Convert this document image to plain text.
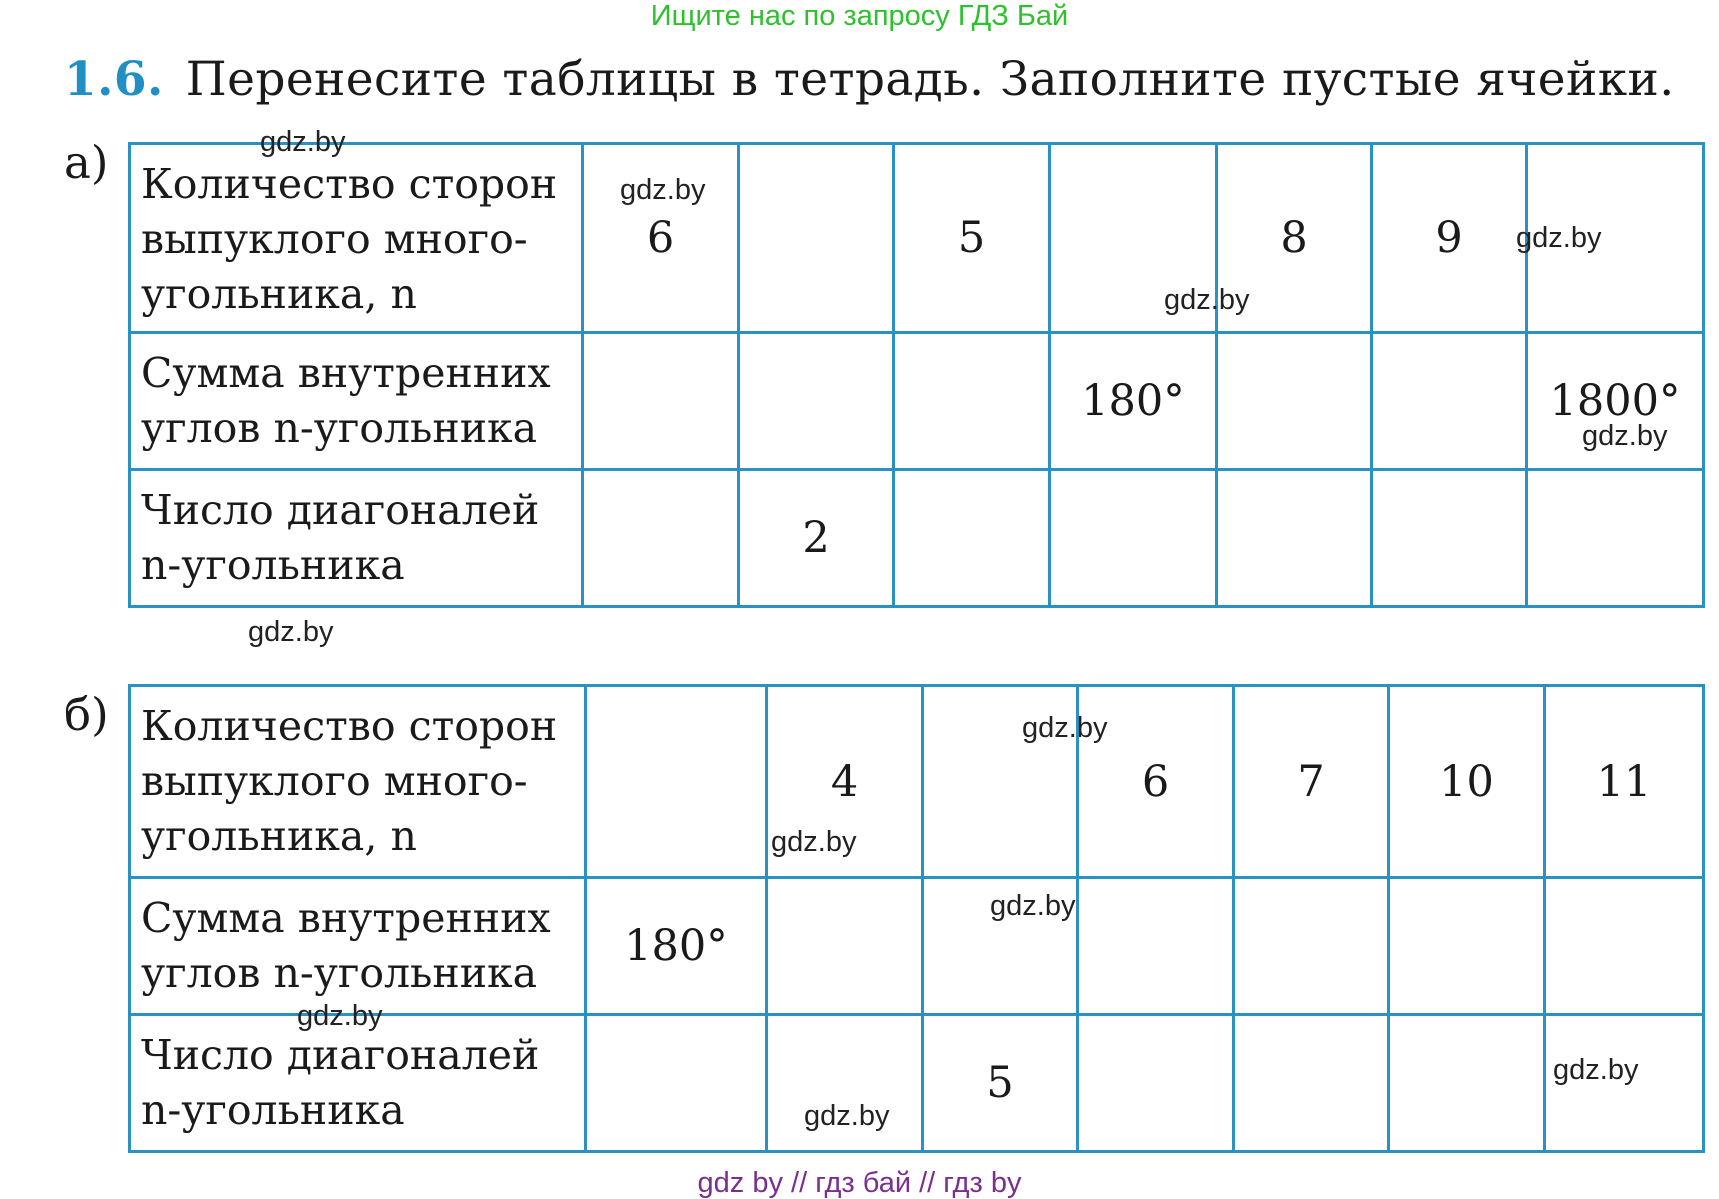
Ищите нас по запросу ГДЗ Бай
1.6. Перенесите таблицы в тетрадь. Заполните пустые ячейки.
а) Количество сторон
выпуклого много-
угольника, n	6		5		8	9	
Сумма внутренних
углов n-угольника				180°			1800°
Число диагоналей
n-угольника		2					
б) Количество сторон
выпуклого много-
угольника, n		4		6	7	10	11
Сумма внутренних
углов n-угольника	180°						
Число диагоналей
n-угольника			5				
gdz.by
gdz.by
gdz.by
gdz.by
gdz.by
gdz.by
gdz.by
gdz.by
gdz.by
gdz.by
gdz.by
gdz.by
gdz by // гдз бай // гдз by
